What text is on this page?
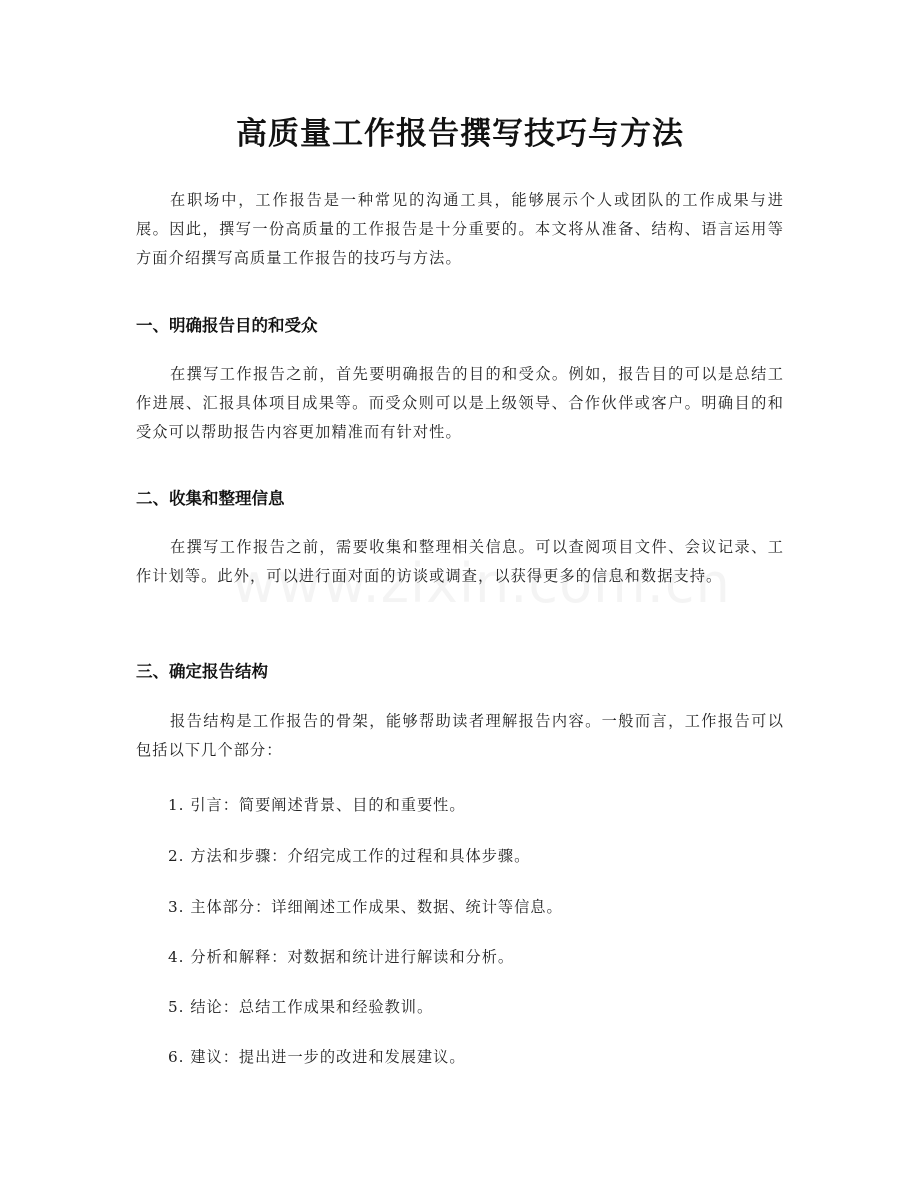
高质量工作报告撰写技巧与方法

在职场中，工作报告是一种常见的沟通工具，能够展示个人或团队的工作成果与进展。因此，撰写一份高质量的工作报告是十分重要的。本文将从准备、结构、语言运用等方面介绍撰写高质量工作报告的技巧与方法。

一、明确报告目的和受众

在撰写工作报告之前，首先要明确报告的目的和受众。例如，报告目的可以是总结工作进展、汇报具体项目成果等。而受众则可以是上级领导、合作伙伴或客户。明确目的和受众可以帮助报告内容更加精准而有针对性。

二、收集和整理信息

在撰写工作报告之前，需要收集和整理相关信息。可以查阅项目文件、会议记录、工作计划等。此外，可以进行面对面的访谈或调查，以获得更多的信息和数据支持。

三、确定报告结构

报告结构是工作报告的骨架，能够帮助读者理解报告内容。一般而言，工作报告可以包括以下几个部分：

1. 引言：简要阐述背景、目的和重要性。

2. 方法和步骤：介绍完成工作的过程和具体步骤。

3. 主体部分：详细阐述工作成果、数据、统计等信息。

4. 分析和解释：对数据和统计进行解读和分析。

5. 结论：总结工作成果和经验教训。

6. 建议：提出进一步的改进和发展建议。
